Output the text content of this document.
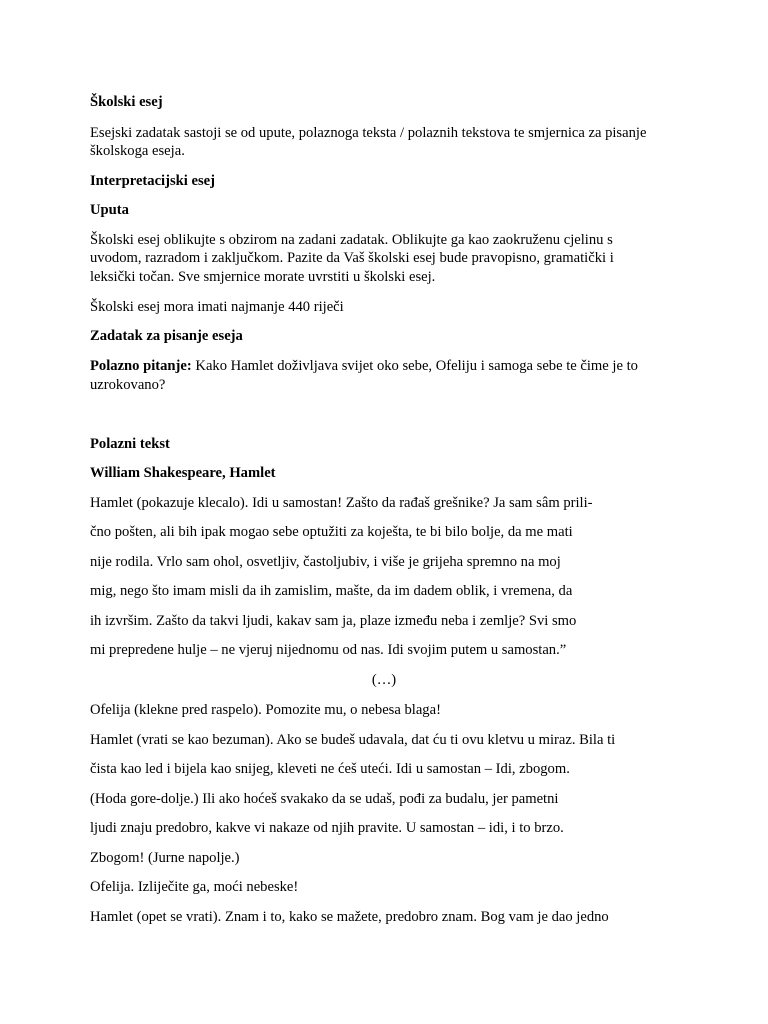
Školski esej
Esejski zadatak sastoji se od upute, polaznoga teksta / polaznih tekstova te smjernica za pisanje
školskoga eseja.
Interpretacijski esej
Uputa
Školski esej oblikujte s obzirom na zadani zadatak. Oblikujte ga kao zaokruženu cjelinu s
uvodom, razradom i zaključkom. Pazite da Vaš školski esej bude pravopisno, gramatički i
leksički točan. Sve smjernice morate uvrstiti u školski esej.
Školski esej mora imati najmanje 440 riječi
Zadatak za pisanje eseja
Polazno pitanje: Kako Hamlet doživljava svijet oko sebe, Ofeliju i samoga sebe te čime je to
uzrokovano?
Polazni tekst
William Shakespeare, Hamlet
Hamlet (pokazuje klecalo). Idi u samostan! Zašto da rađaš grešnike? Ja sam sâm prili-
čno pošten, ali bih ipak mogao sebe optužiti za koješta, te bi bilo bolje, da me mati
nije rodila. Vrlo sam ohol, osvetljiv, častoljubiv, i više je grijeha spremno na moj
mig, nego što imam misli da ih zamislim, mašte, da im dadem oblik, i vremena, da
ih izvršim. Zašto da takvi ljudi, kakav sam ja, plaze između neba i zemlje? Svi smo
mi prepredene hulje – ne vjeruj nijednomu od nas. Idi svojim putem u samostan.”
(…)
Ofelija (klekne pred raspelo). Pomozite mu, o nebesa blaga!
Hamlet (vrati se kao bezuman). Ako se budeš udavala, dat ću ti ovu kletvu u miraz. Bila ti
čista kao led i bijela kao snijeg, kleveti ne ćeš uteći. Idi u samostan – Idi, zbogom.
(Hoda gore-dolje.) Ili ako hoćeš svakako da se udaš, pođi za budalu, jer pametni
ljudi znaju predobro, kakve vi nakaze od njih pravite. U samostan – idi, i to brzo.
Zbogom! (Jurne napolje.)
Ofelija. Izliječite ga, moći nebeske!
Hamlet (opet se vrati). Znam i to, kako se mažete, predobro znam. Bog vam je dao jedno
